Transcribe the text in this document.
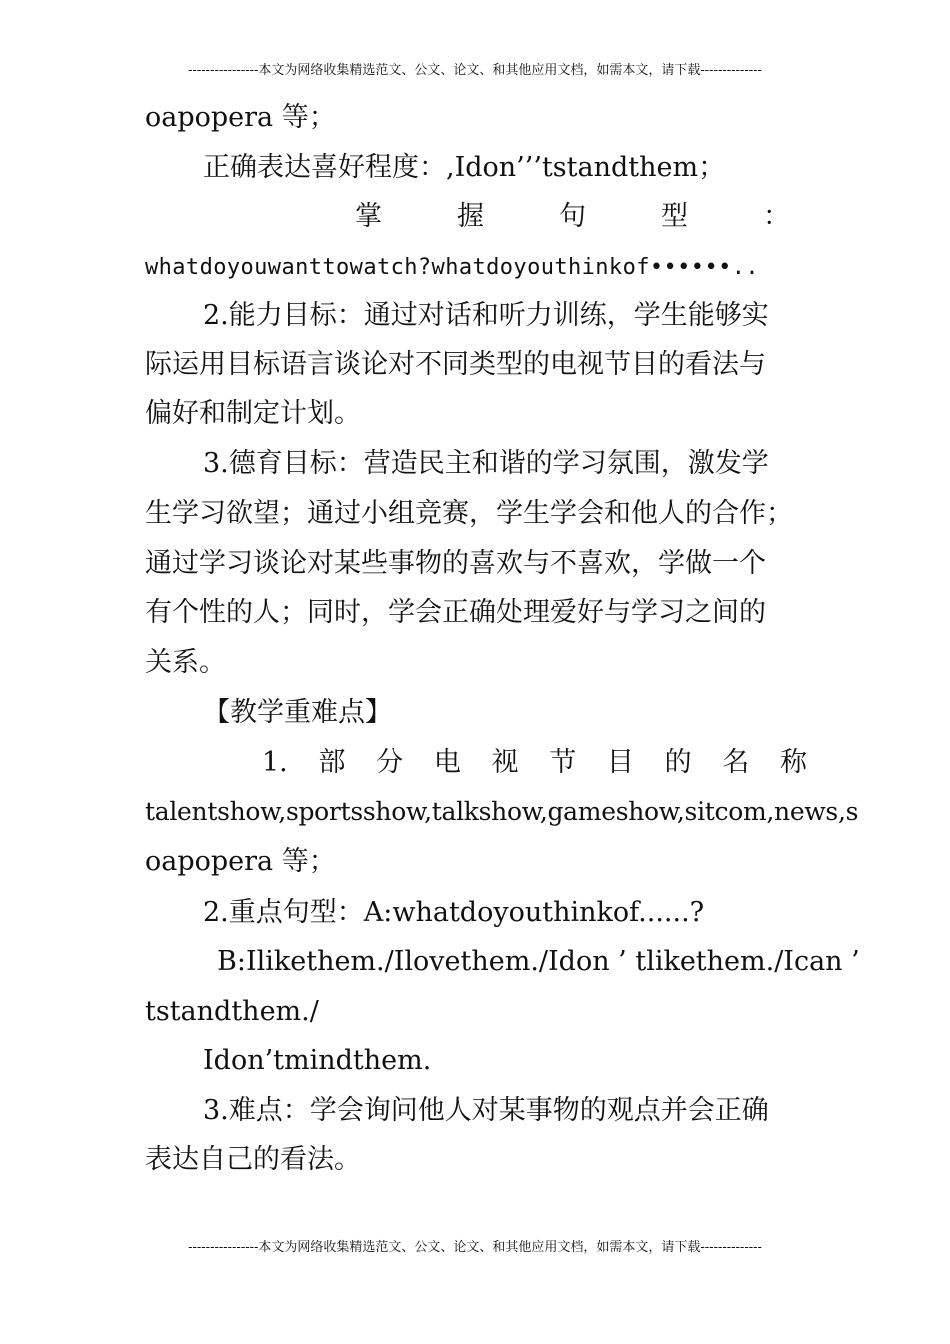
----------------本文为网络收集精选范文、公文、论文、和其他应用文档，如需本文，请下载--------------
oapopera 等；
正确表达喜好程度：,Idon’’’tstandthem；
掌	握	句	型	：
whatdoyouwanttowatch?whatdoyouthinkof••••••..
2.能力目标：通过对话和听力训练，学生能够实
际运用目标语言谈论对不同类型的电视节目的看法与
偏好和制定计划。
3.德育目标：营造民主和谐的学习氛围，激发学
生学习欲望；通过小组竞赛，学生学会和他人的合作；
通过学习谈论对某些事物的喜欢与不喜欢，学做一个
有个性的人；同时，学会正确处理爱好与学习之间的
关系。
【教学重难点】
1. 部 分 电 视 节 目 的 名 称
talentshow,sportsshow,talkshow,gameshow,sitcom,news,s
oapopera 等；
2.重点句型：A:whatdoyouthinkof......?
B:Ilikethem./Ilovethem./Idon ’ tlikethem./Ican ’
tstandthem./
Idon’tmindthem.
3.难点：学会询问他人对某事物的观点并会正确
表达自己的看法。
----------------本文为网络收集精选范文、公文、论文、和其他应用文档，如需本文，请下载--------------
